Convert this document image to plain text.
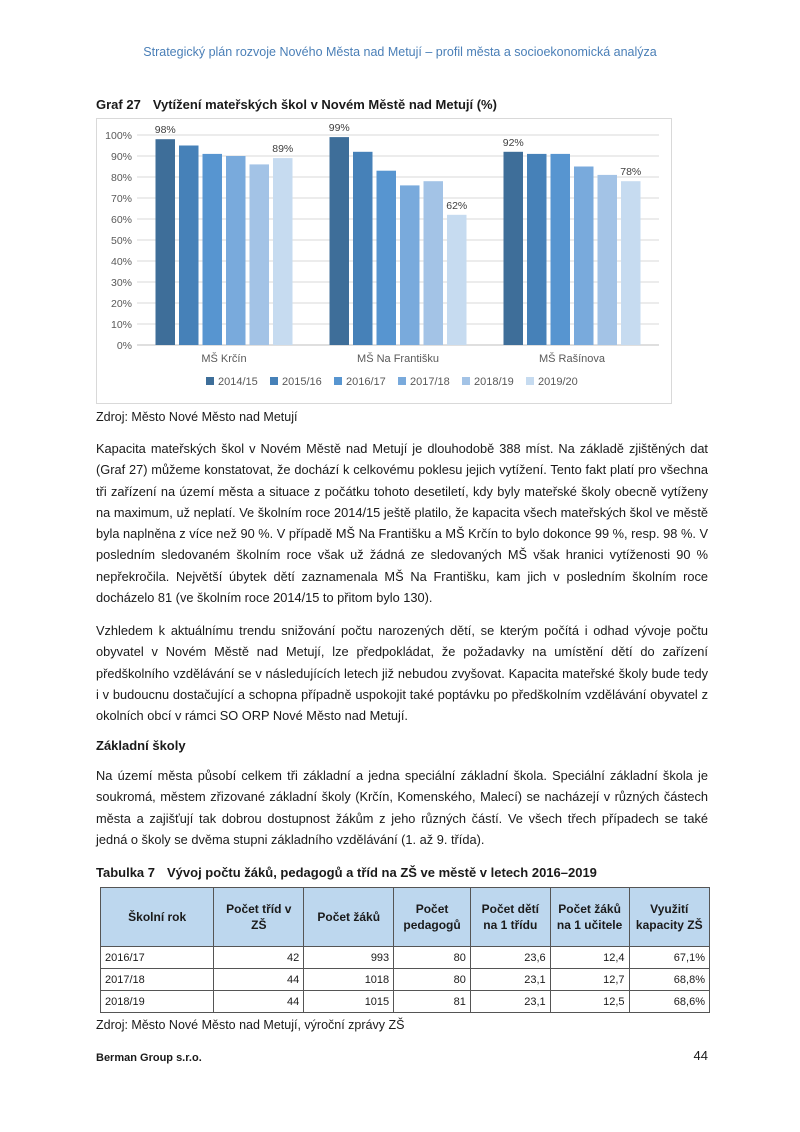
Strategický plán rozvoje Nového Města nad Metují – profil města a socioekonomická analýza
Graf 27 Vytížení mateřských škol v Novém Městě nad Metují (%)
0%
10%
20%
30%
40%
50%
60%
70%
80%
90%
100%
MŠ Krčín	MŠ Na Františku	MŠ Rašínova
98%
89%
99%
62%
92%
78%
2014/15 2015/16 2016/17 2017/18 2018/19 2019/20
Zdroj: Město Nové Město nad Metují

Kapacita mateřských škol v Novém Městě nad Metují je dlouhodobě 388 míst. Na základě zjištěných dat (Graf 27) můžeme konstatovat, že dochází k celkovému poklesu jejich vytížení. Tento fakt platí pro všechna tři zařízení na území města a situace z počátku tohoto desetiletí, kdy byly mateřské školy obecně vytíženy na maximum, už neplatí. Ve školním roce 2014/15 ještě platilo, že kapacita všech mateřských škol ve městě byla naplněna z více než 90 %. V případě MŠ Na Františku a MŠ Krčín to bylo dokonce 99 %, resp. 98 %. V posledním sledovaném školním roce však už žádná ze sledovaných MŠ však hranici vytíženosti 90 % nepřekročila. Největší úbytek dětí zaznamenala MŠ Na Františku, kam jich v posledním školním roce docházelo 81 (ve školním roce 2014/15 to přitom bylo 130).

Vzhledem k aktuálnímu trendu snižování počtu narozených dětí, se kterým počítá i odhad vývoje počtu obyvatel v Novém Městě nad Metují, lze předpokládat, že požadavky na umístění dětí do zařízení předškolního vzdělávání se v následujících letech již nebudou zvyšovat. Kapacita mateřské školy bude tedy i v budoucnu dostačující a schopna případně uspokojit také poptávku po předškolním vzdělávání obyvatel z okolních obcí v rámci SO ORP Nové Město nad Metují.

Základní školy

Na území města působí celkem tři základní a jedna speciální základní škola. Speciální základní škola je soukromá, městem zřizované základní školy (Krčín, Komenského, Malecí) se nacházejí v různých částech města a zajišťují tak dobrou dostupnost žákům z jeho různých částí. Ve všech třech případech se také jedná o školy se dvěma stupni základního vzdělávání (1. až 9. třída).

Tabulka 7 Vývoj počtu žáků, pedagogů a tříd na ZŠ ve městě v letech 2016–2019
Školní rok	Počet tříd v ZŠ	Počet žáků	Počet pedagogů	Počet dětí na 1 třídu	Počet žáků na 1 učitele	Využití kapacity ZŠ
2016/17	42	993	80	23,6	12,4	67,1%
2017/18	44	1018	80	23,1	12,7	68,8%
2018/19	44	1015	81	23,1	12,5	68,6%
Zdroj: Město Nové Město nad Metují, výroční zprávy ZŠ
Berman Group s.r.o.	44
